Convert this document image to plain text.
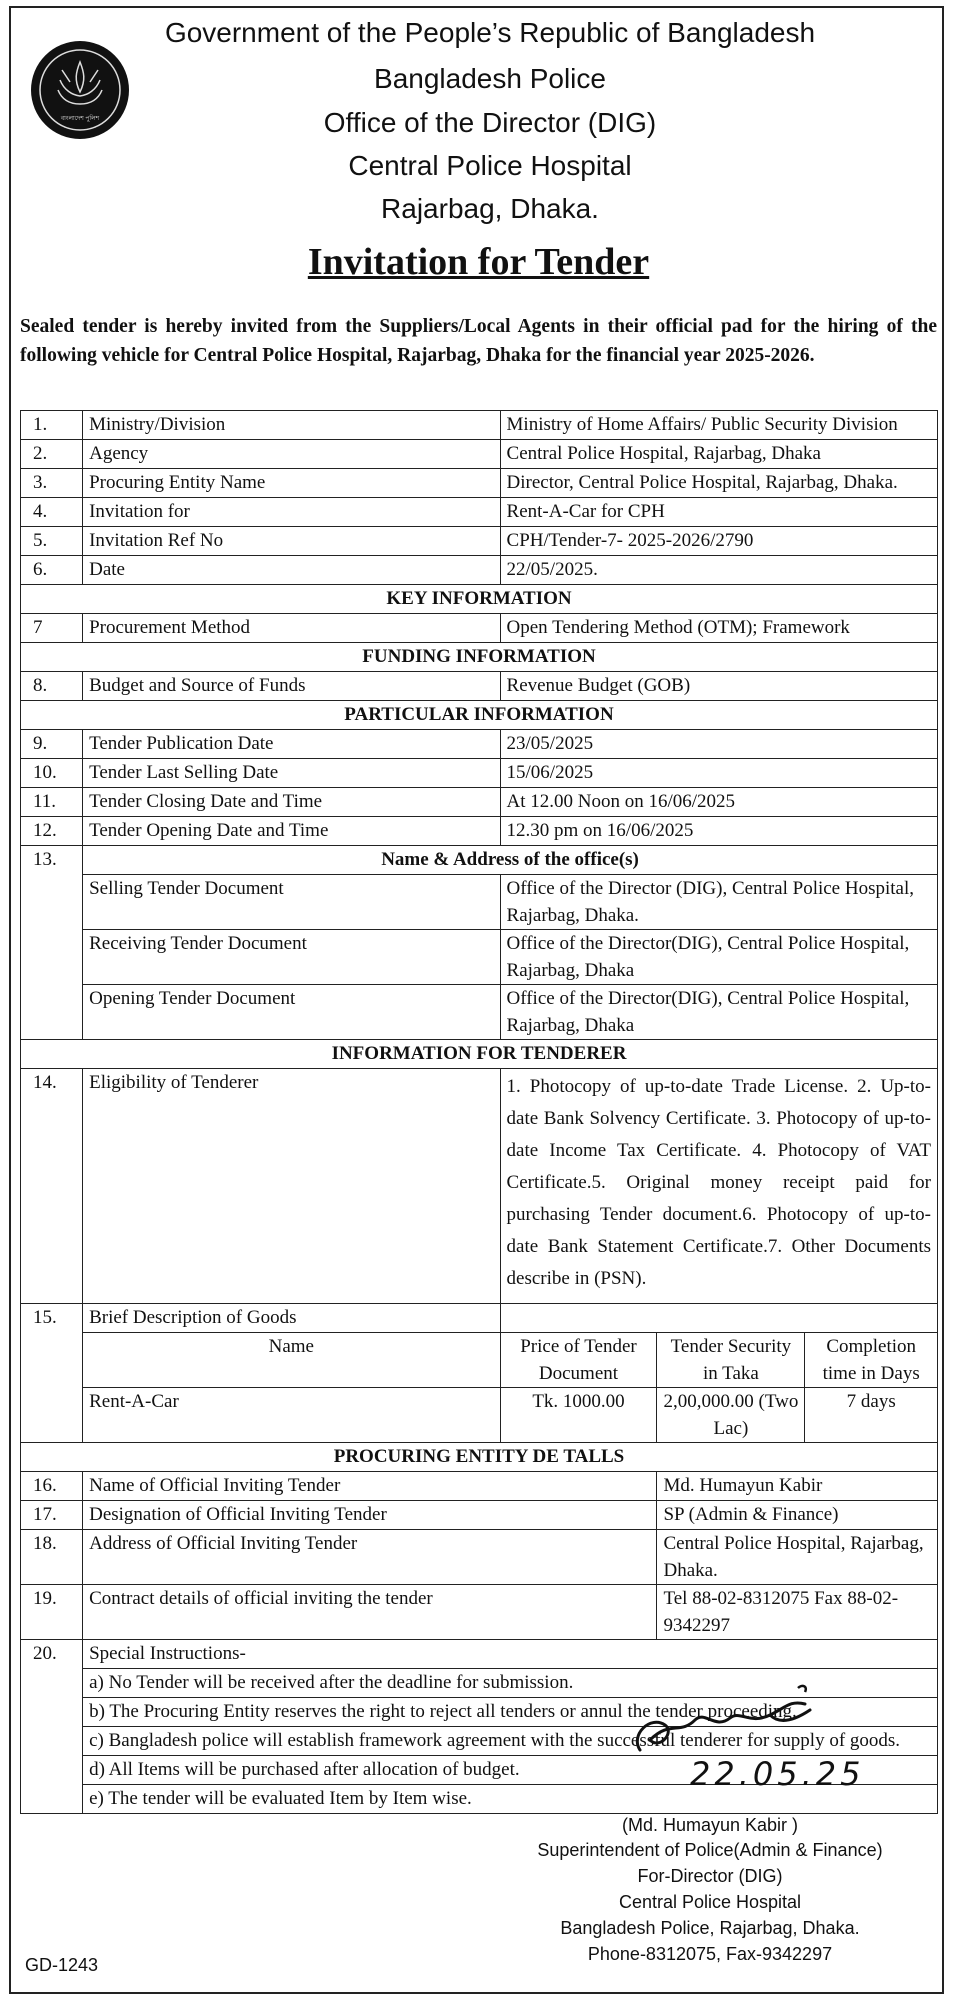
বাংলাদেশ পুলিশ
Government of the People’s Republic of Bangladesh
Bangladesh Police
Office of the Director (DIG)
Central Police Hospital
Rajarbag, Dhaka.
Invitation for Tender
Sealed tender is hereby invited from the Suppliers/Local Agents in their official pad for the hiring of the following vehicle for Central Police Hospital, Rajarbag, Dhaka for the financial year 2025-2026.
1.	Ministry/Division	Ministry of Home Affairs/ Public Security Division		
2.	Agency	Central Police Hospital, Rajarbag, Dhaka		
3.	Procuring Entity Name	Director, Central Police Hospital, Rajarbag, Dhaka.		
4.	Invitation for	Rent-A-Car for CPH		
5.	Invitation Ref No	CPH/Tender-7- 2025-2026/2790		
6.	Date	22/05/2025.		
KEY INFORMATION				
7	Procurement Method	Open Tendering Method (OTM); Framework		
FUNDING INFORMATION				
8.	Budget and Source of Funds	Revenue Budget (GOB)		
PARTICULAR INFORMATION				
9.	Tender Publication Date	23/05/2025		
10.	Tender Last Selling Date	15/06/2025		
11.	Tender Closing Date and Time	At 12.00 Noon on 16/06/2025		
12.	Tender Opening Date and Time	12.30 pm on 16/06/2025		
13.	Name & Address of the office(s)			
	Selling Tender Document	Office of the Director (DIG), Central Police Hospital, Rajarbag, Dhaka.		
	Receiving Tender Document	Office of the Director(DIG), Central Police Hospital, Rajarbag, Dhaka		
	Opening Tender Document	Office of the Director(DIG), Central Police Hospital, Rajarbag, Dhaka		
INFORMATION FOR TENDERER				
14.	Eligibility of Tenderer	1. Photocopy of up-to-date Trade License. 2. Up-to-date Bank Solvency Certificate. 3. Photocopy of up-to-date Income Tax Certificate. 4. Photocopy of VAT Certificate.5. Original money receipt paid for purchasing Tender document.6. Photocopy of up-to-date Bank Statement Certificate.7. Other Documents describe in (PSN).		
15.	Brief Description of Goods			
	Name	Price of Tender Document	Tender Security in Taka	Completion time in Days
	Rent-A-Car	Tk. 1000.00	2,00,000.00 (Two Lac)	7 days
PROCURING ENTITY DE TALLS				
16.	Name of Official Inviting Tender		Md. Humayun Kabir	
17.	Designation of Official Inviting Tender		SP (Admin & Finance)	
18.	Address of Official Inviting Tender		Central Police Hospital, Rajarbag, Dhaka.	
19.	Contract details of official inviting the tender		Tel 88-02-8312075 Fax 88-02-9342297	
20.	Special Instructions-			
	a) No Tender will be received after the deadline for submission.			
	b) The Procuring Entity reserves the right to reject all tenders or annul the tender proceeding.			
	c) Bangladesh police will establish framework agreement with the successful tenderer for supply of goods.			
	d) All Items will be purchased after allocation of budget.			
	e) The tender will be evaluated Item by Item wise.			
22.05.25
(Md. Humayun Kabir )
Superintendent of Police(Admin & Finance)
For-Director (DIG)
Central Police Hospital
Bangladesh Police, Rajarbag, Dhaka.
Phone-8312075, Fax-9342297
GD-1243
